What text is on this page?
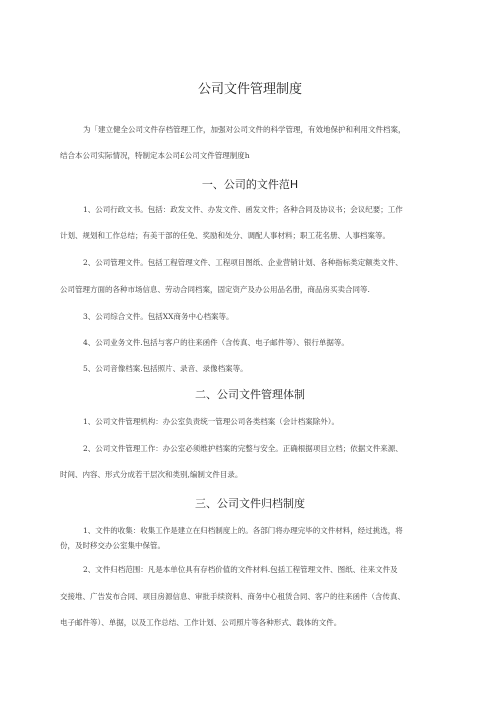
公司文件管理制度
为「建立健全公司文件存档管理工作，加强对公司文件的科学管理，有效地保护和利用文件档案，
结合本公司实际情况，特制定本公司£公司文件管理制度h
一、公司的文件范H
1、公司行政文书。包括：政发文件、办发文件、函发文件；各种合同及协议书；会议纪要；工作
计划、规划和工作总结；有美干部的任免、奖励和处分、调配人事材料；职工花名册、人事档案等。
2、公司管理文件。包括工程管理文件、工程项目图纸、企业营销计划、各种指标类定额类文件、
公司管理方面的各种市场信息、劳动合同档案，固定资产及办公用品名册，商品房买卖合同等.
3、公司综合文件。包括XX商务中心档案等。
4、公司业务文件.包括与客户的往来函件（含传真、电子邮件等）、银行单据等。
5、公司音像档案.包括照片、录音、录像档案等。
二、公司文件管理体制
1、公司文件管理机构：办公室负责统一管理公司各类档案（会计档案除外）。
2、公司文件管理工作：办公室必须维护档案的完整与安全。正确根据项目立档；依据文件来源、
时间、内容、形式分成若干层次和类别,编制文件目录。
三、公司文件归档制度
1、文件的收集：收集工作是建立在归档制度上的。各部门将办理完毕的文件材料，经过挑选，将
份，及时移交办公室集中保管。
2、文件归档范围：凡是本单位具有存档价值的文件材料.包括工程管理文件、图纸、往来文件及
交接堆、广告发布合同、项目房源信息、审批手续资料、商务中心租赁合同、客户的往来函件（含传真、
电子邮件等）、单据，以及工作总结、工作计划、公司照片等各种形式、载体的文件。
